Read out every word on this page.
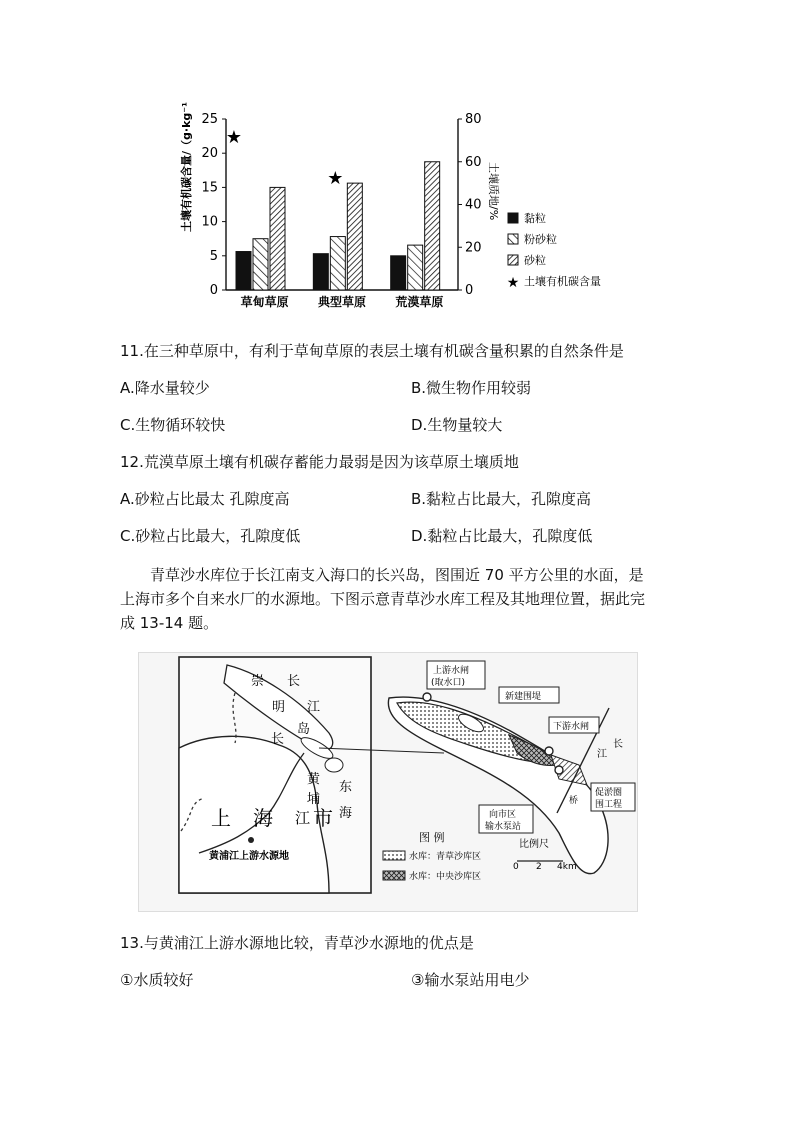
土壤有机碳含量/（g·kg⁻¹）	土壤质地/%
0
5
10
15
20
25
0
20
40
60
80
草甸草原
★
典型草原
★
荒漠草原
黏粒
粉砂粒
砂粒
★ 土壤有机碳含量
11.在三种草原中，有利于草甸草原的表层土壤有机碳含量积累的自然条件是
A.降水量较少	B.微生物作用较弱
C.生物循环较快	D.生物量较大
12.荒漠草原土壤有机碳存蓄能力最弱是因为该草原土壤质地
A.砂粒占比最太 孔隙度高	B.黏粒占比最大，孔隙度高
C.砂粒占比最大，孔隙度低	D.黏粒占比最大，孔隙度低
青草沙水库位于长江南支入海口的长兴岛，图围近 70 平方公里的水面，是
上海市多个自来水厂的水源地。下图示意青草沙水库工程及其地理位置，据此完
成 13-14 题。
上游水闸
(取水口)
新建围堤
下游水闸
向市区
输水泵站
促淤圈
围工程
崇 长
明 江
岛
长
东
海
黄
埔
上 海 江 市
黄浦江上游水源地
长
江
桥
图 例
水库：青草沙库区
水库：中央沙库区
比例尺
0 2 4km
13.与黄浦江上游水源地比较，青草沙水源地的优点是
①水质较好	③输水泵站用电少
